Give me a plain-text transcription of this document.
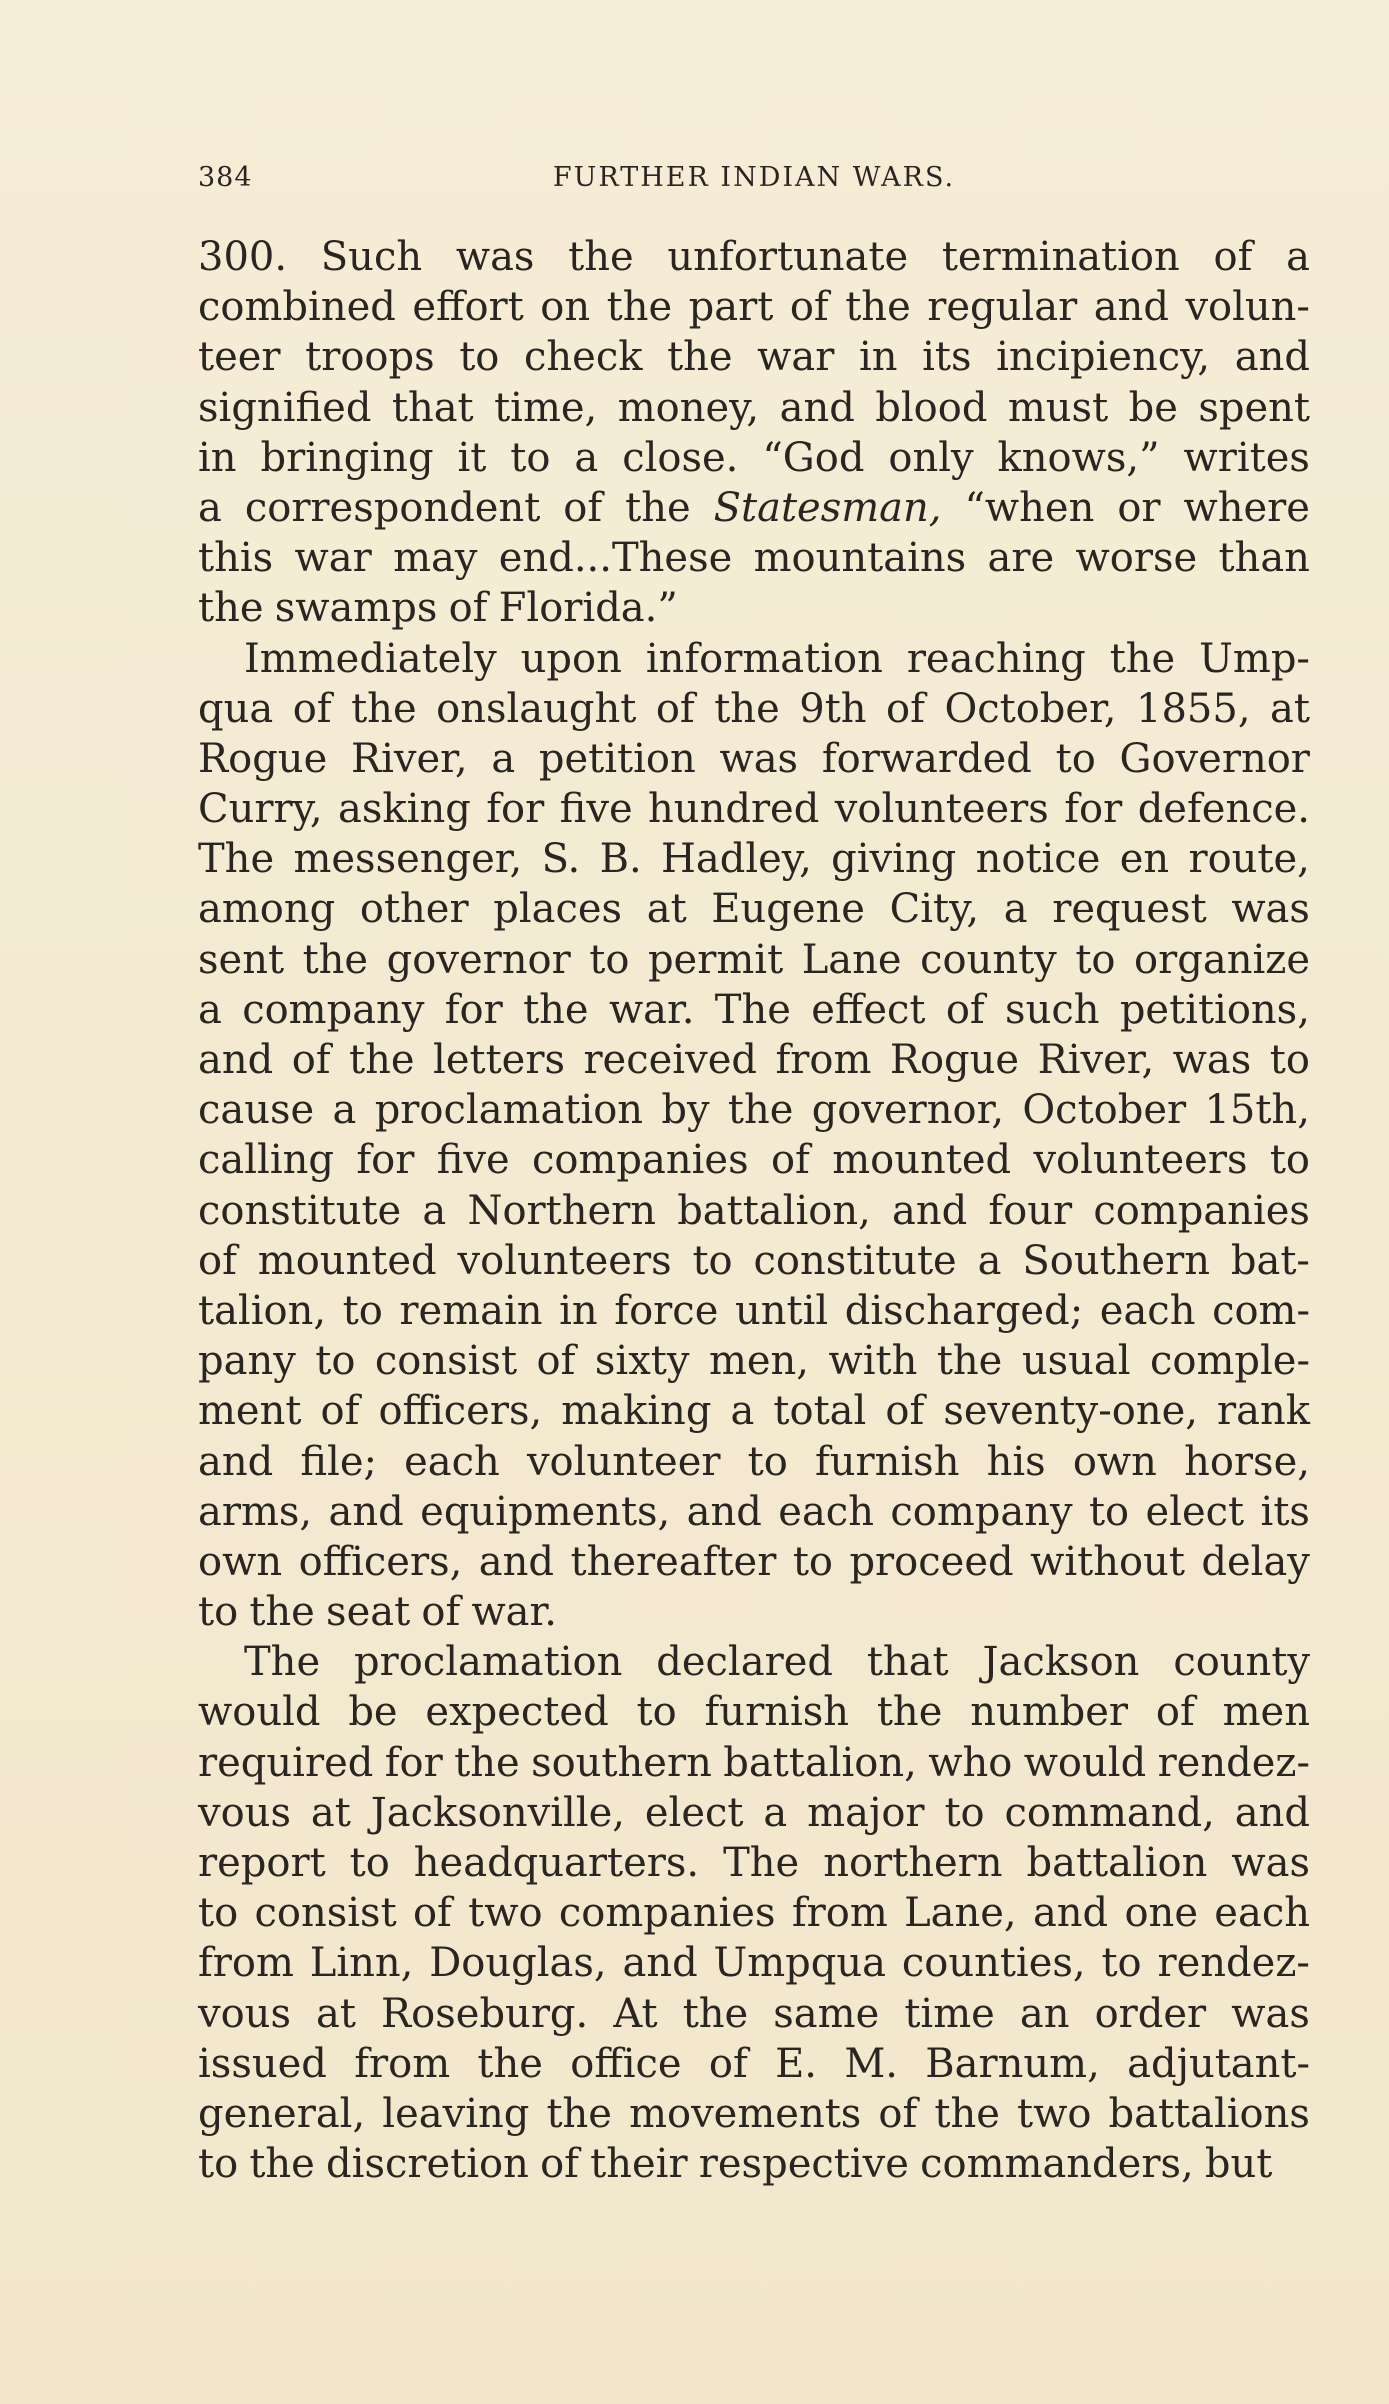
384	FURTHER INDIAN WARS.
300. Such was the unfortunate termination of a
combined effort on the part of the regular and volun-
teer troops to check the war in its incipiency, and
signified that time, money, and blood must be spent
in bringing it to a close. “God only knows,” writes
a correspondent of the Statesman, “when or where
this war may end...These mountains are worse than
the swamps of Florida.”
Immediately upon information reaching the Ump-
qua of the onslaught of the 9th of October, 1855, at
Rogue River, a petition was forwarded to Governor
Curry, asking for five hundred volunteers for defence.
The messenger, S. B. Hadley, giving notice en route,
among other places at Eugene City, a request was
sent the governor to permit Lane county to organize
a company for the war. The effect of such petitions,
and of the letters received from Rogue River, was to
cause a proclamation by the governor, October 15th,
calling for five companies of mounted volunteers to
constitute a Northern battalion, and four companies
of mounted volunteers to constitute a Southern bat-
talion, to remain in force until discharged; each com-
pany to consist of sixty men, with the usual comple-
ment of officers, making a total of seventy-one, rank
and file; each volunteer to furnish his own horse,
arms, and equipments, and each company to elect its
own officers, and thereafter to proceed without delay
to the seat of war.
The proclamation declared that Jackson county
would be expected to furnish the number of men
required for the southern battalion, who would rendez-
vous at Jacksonville, elect a major to command, and
report to headquarters. The northern battalion was
to consist of two companies from Lane, and one each
from Linn, Douglas, and Umpqua counties, to rendez-
vous at Roseburg. At the same time an order was
issued from the office of E. M. Barnum, adjutant-
general, leaving the movements of the two battalions
to the discretion of their respective commanders, but
